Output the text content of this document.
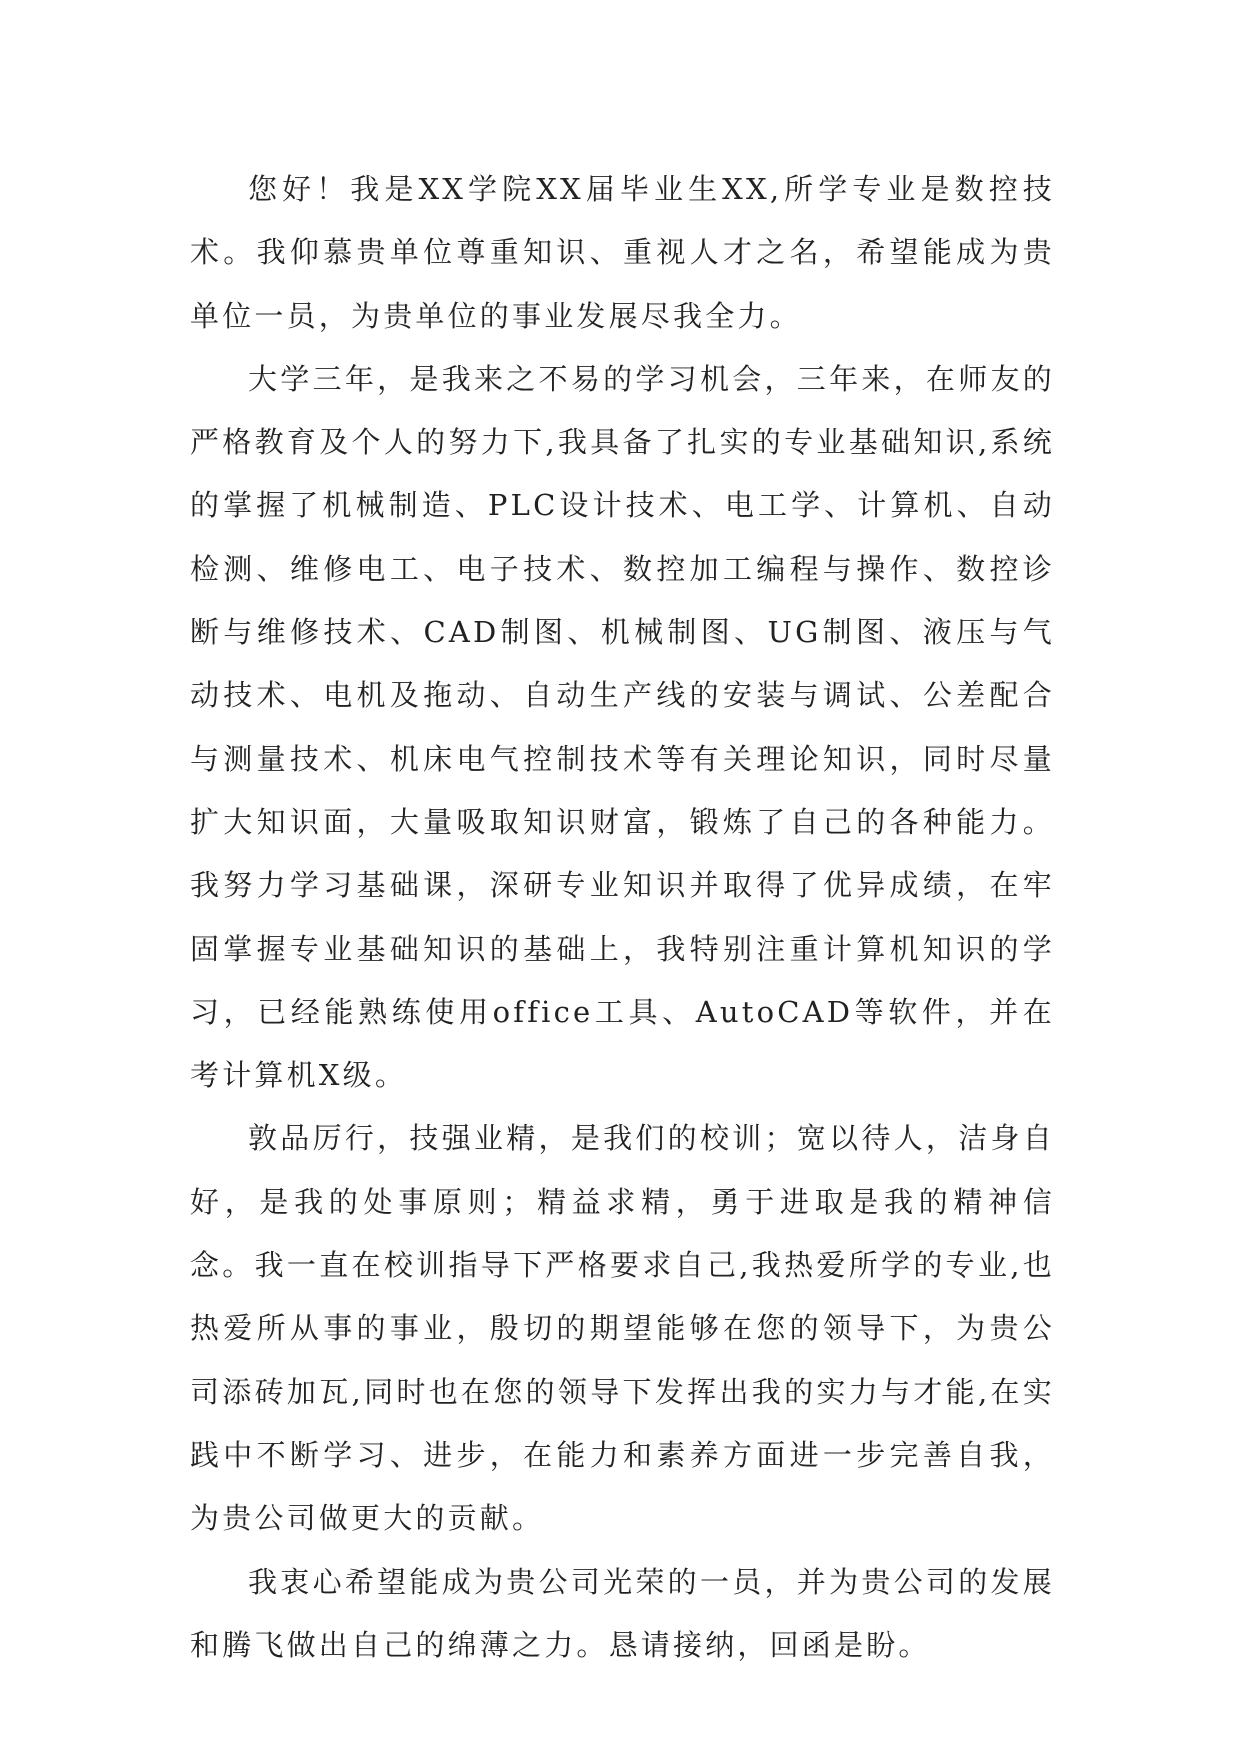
您好！我是XX学院XX届毕业生XX,所学专业是数控技术。我仰慕贵单位尊重知识、重视人才之名，希望能成为贵单位一员，为贵单位的事业发展尽我全力。

大学三年，是我来之不易的学习机会，三年来，在师友的严格教育及个人的努力下,我具备了扎实的专业基础知识,系统的掌握了机械制造、PLC设计技术、电工学、计算机、自动检测、维修电工、电子技术、数控加工编程与操作、数控诊断与维修技术、CAD制图、机械制图、UG制图、液压与气动技术、电机及拖动、自动生产线的安装与调试、公差配合与测量技术、机床电气控制技术等有关理论知识，同时尽量扩大知识面，大量吸取知识财富，锻炼了自己的各种能力。我努力学习基础课，深研专业知识并取得了优异成绩，在牢固掌握专业基础知识的基础上，我特别注重计算机知识的学习，已经能熟练使用office工具、AutoCAD等软件，并在考计算机X级。

敦品厉行，技强业精，是我们的校训；宽以待人，洁身自好，是我的处事原则；精益求精，勇于进取是我的精神信念。我一直在校训指导下严格要求自己,我热爱所学的专业,也热爱所从事的事业，殷切的期望能够在您的领导下，为贵公司添砖加瓦,同时也在您的领导下发挥出我的实力与才能,在实践中不断学习、进步，在能力和素养方面进一步完善自我，为贵公司做更大的贡献。

我衷心希望能成为贵公司光荣的一员，并为贵公司的发展和腾飞做出自己的绵薄之力。恳请接纳，回函是盼。
